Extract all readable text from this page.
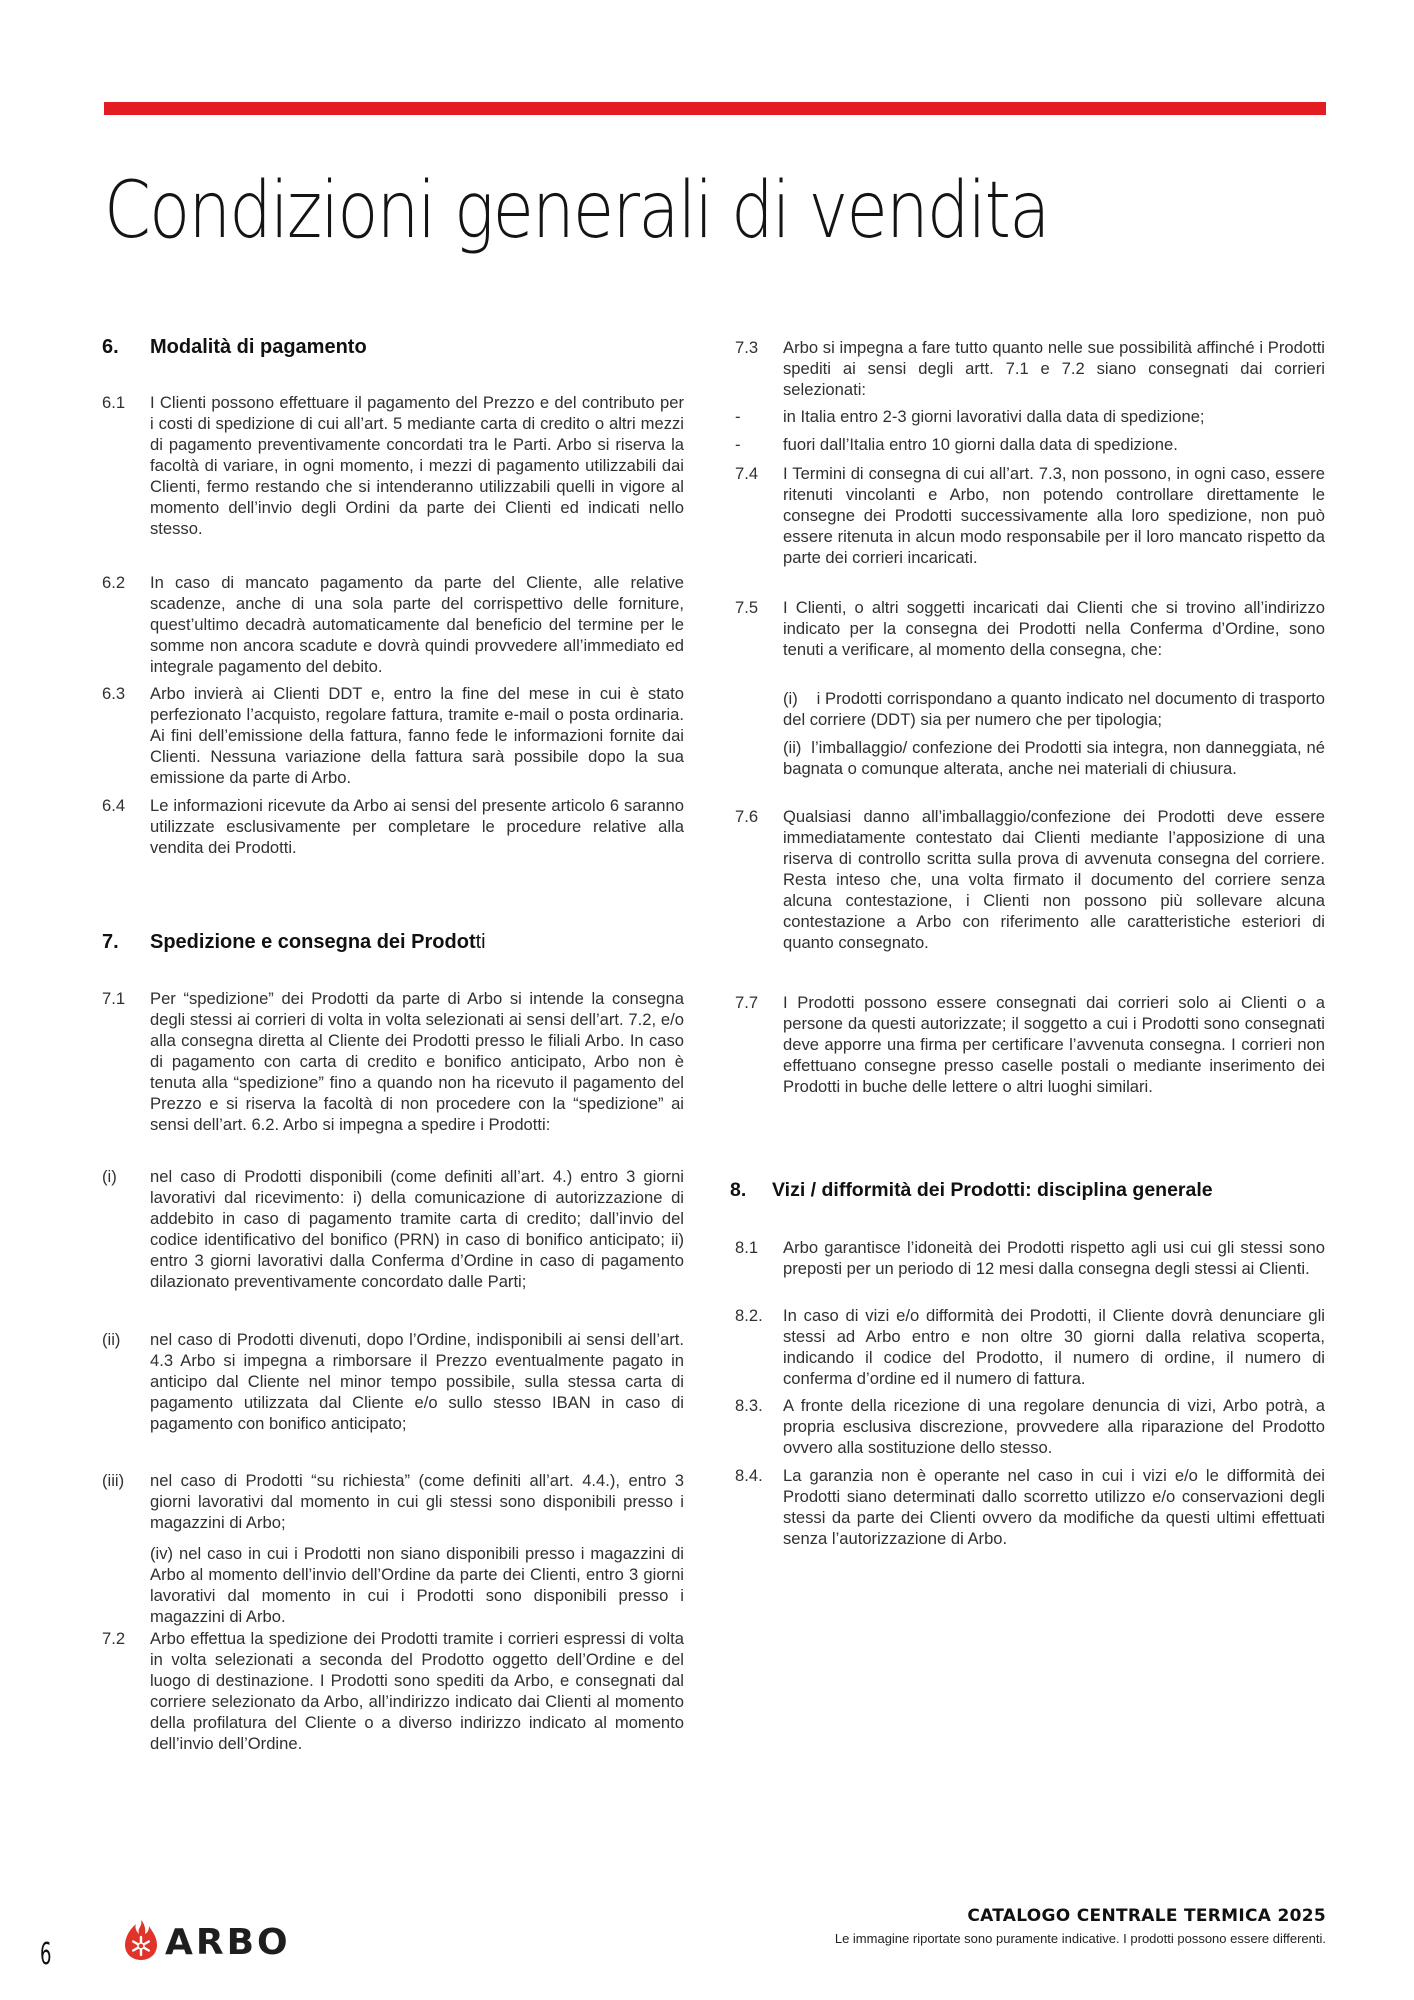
Condizioni generali di vendita
6.	Modalità di pagamento
6.1	I Clienti possono effettuare il pagamento del Prezzo e del contributo per i costi di spedizione di cui all’art. 5 mediante carta di credito o altri mezzi di pagamento preventivamente concordati tra le Parti. Arbo si riserva la facoltà di variare, in ogni momento, i mezzi di pagamento utilizzabili dai Clienti, fermo restando che si intenderanno utilizzabili quelli in vigore al momento dell’invio degli Ordini da parte dei Clienti ed indicati nello stesso.
6.2	In caso di mancato pagamento da parte del Cliente, alle relative scadenze, anche di una sola parte del corrispettivo delle forniture, quest’ultimo decadrà automaticamente dal beneficio del termine per le somme non ancora scadute e dovrà quindi provvedere all’immediato ed integrale pagamento del debito.
6.3	Arbo invierà ai Clienti DDT e, entro la fine del mese in cui è stato perfezionato l’acquisto, regolare fattura, tramite e-mail o posta ordinaria. Ai fini dell’emissione della fattura, fanno fede le informazioni fornite dai Clienti. Nessuna variazione della fattura sarà possibile dopo la sua emissione da parte di Arbo.
6.4	Le informazioni ricevute da Arbo ai sensi del presente articolo 6 saranno utilizzate esclusivamente per completare le procedure relative alla vendita dei Prodotti.
7.	Spedizione e consegna dei Prodot ti
7.1	Per “spedizione” dei Prodotti da parte di Arbo si intende la consegna degli stessi ai corrieri di volta in volta selezionati ai sensi dell’art. 7.2, e/o alla consegna diretta al Cliente dei Prodotti presso le filiali Arbo. In caso di pagamento con carta di credito e bonifico anticipato, Arbo non è tenuta alla “spedizione” fino a quando non ha ricevuto il pagamento del Prezzo e si riserva la facoltà di non procedere con la “spedizione” ai sensi dell’art. 6.2. Arbo si impegna a spedire i Prodotti:
(i)	nel caso di Prodotti disponibili (come definiti all’art. 4.) entro 3 giorni lavorativi dal ricevimento: i) della comunicazione di autorizzazione di addebito in caso di pagamento tramite carta di credito; dall’invio del codice identificativo del bonifico (PRN) in caso di bonifico anticipato; ii) entro 3 giorni lavorativi dalla Conferma d’Ordine in caso di pagamento dilazionato preventivamente concordato dalle Parti;
(ii)	nel caso di Prodotti divenuti, dopo l’Ordine, indisponibili ai sensi dell’art. 4.3 Arbo si impegna a rimborsare il Prezzo eventualmente pagato in anticipo dal Cliente nel minor tempo possibile, sulla stessa carta di pagamento utilizzata dal Cliente e/o sullo stesso IBAN in caso di pagamento con bonifico anticipato;
(iii)	nel caso di Prodotti “su richiesta” (come definiti all’art. 4.4.), entro 3 giorni lavorativi dal momento in cui gli stessi sono disponibili presso i magazzini di Arbo;
(iv) nel caso in cui i Prodotti non siano disponibili presso i magazzini di Arbo al momento dell’invio dell’Ordine da parte dei Clienti, entro 3 giorni lavorativi dal momento in cui i Prodotti sono disponibili presso i magazzini di Arbo.
7.2	Arbo effettua la spedizione dei Prodotti tramite i corrieri espressi di volta in volta selezionati a seconda del Prodotto oggetto dell’Ordine e del luogo di destinazione. I Prodotti sono spediti da Arbo, e consegnati dal corriere selezionato da Arbo, all’indirizzo indicato dai Clienti al momento della profilatura del Cliente o a diverso indirizzo indicato al momento dell’invio dell’Ordine.
7.3	Arbo si impegna a fare tutto quanto nelle sue possibilità affinché i Prodotti spediti ai sensi degli artt. 7.1 e 7.2 siano consegnati dai corrieri selezionati:
-	in Italia entro 2-3 giorni lavorativi dalla data di spedizione;
-	fuori dall’Italia entro 10 giorni dalla data di spedizione.
7.4	I Termini di consegna di cui all’art. 7.3, non possono, in ogni caso, essere ritenuti vincolanti e Arbo, non potendo controllare direttamente le consegne dei Prodotti successivamente alla loro spedizione, non può essere ritenuta in alcun modo responsabile per il loro mancato rispetto da parte dei corrieri incaricati.
7.5	I Clienti, o altri soggetti incaricati dai Clienti che si trovino all’indirizzo indicato per la consegna dei Prodotti nella Conferma d’Ordine, sono tenuti a verificare, al momento della consegna, che:
(i)    i Prodotti corrispondano a quanto indicato nel documento di trasporto del corriere (DDT) sia per numero che per tipologia;
(ii)  l’imballaggio/ confezione dei Prodotti sia integra, non danneggiata, né bagnata o comunque alterata, anche nei materiali di chiusura.
7.6	Qualsiasi danno all’imballaggio/confezione dei Prodotti deve essere immediatamente contestato dai Clienti mediante l’apposizione di una riserva di controllo scritta sulla prova di avvenuta consegna del corriere. Resta inteso che, una volta firmato il documento del corriere senza alcuna contestazione, i Clienti non possono più sollevare alcuna contestazione a Arbo con riferimento alle caratteristiche esteriori di quanto consegnato.
7.7	I Prodotti possono essere consegnati dai corrieri solo ai Clienti o a persone da questi autorizzate; il soggetto a cui i Prodotti sono consegnati deve apporre una firma per certificare l’avvenuta consegna. I corrieri non effettuano consegne presso caselle postali o mediante inserimento dei Prodotti in buche delle lettere o altri luoghi similari.
8.	Vizi / difformità dei Prodotti: disciplina generale
8.1	Arbo garantisce l’idoneità dei Prodotti rispetto agli usi cui gli stessi sono preposti per un periodo di 12 mesi dalla consegna degli stessi ai Clienti.
8.2.	In caso di vizi e/o difformità dei Prodotti, il Cliente dovrà denunciare gli stessi ad Arbo entro e non oltre 30 giorni dalla relativa scoperta, indicando il codice del Prodotto, il numero di ordine, il numero di conferma d’ordine ed il numero di fattura.
8.3.	A fronte della ricezione di una regolare denuncia di vizi, Arbo potrà, a propria esclusiva discrezione, provvedere alla riparazione del Prodotto ovvero alla sostituzione dello stesso.
8.4.	La garanzia non è operante nel caso in cui i vizi e/o le difformità dei Prodotti siano determinati dallo scorretto utilizzo e/o conservazioni degli stessi da parte dei Clienti ovvero da modifiche da questi ultimi effettuati senza l’autorizzazione di Arbo.
6	ARBO
CATALOGO CENTRALE TERMICA 2025
Le immagine riportate sono puramente indicative. I prodotti possono essere differenti.
